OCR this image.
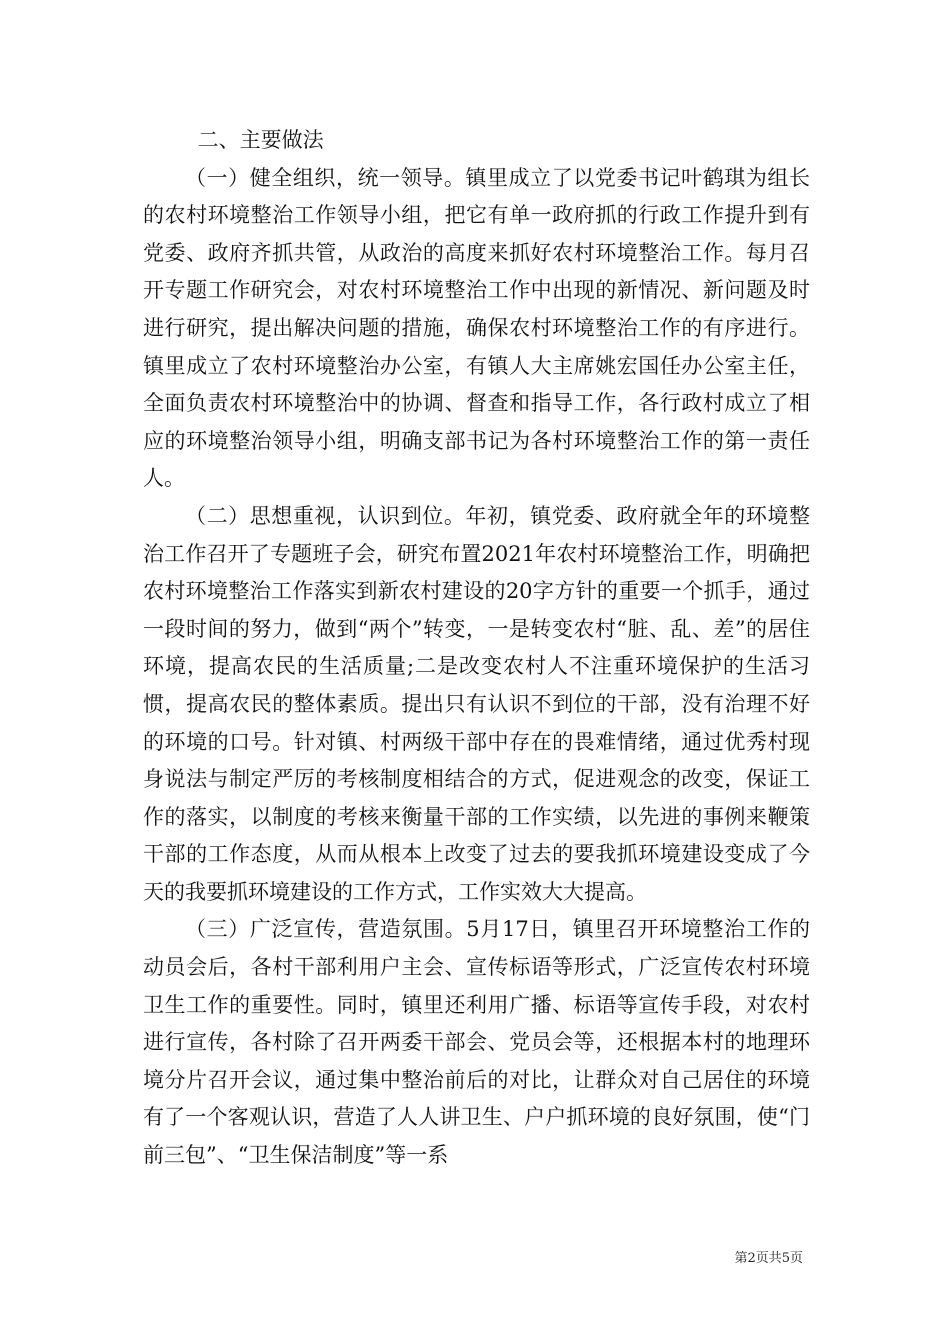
二、主要做法

（一）健全组织，统一领导。镇里成立了以党委书记叶鹤琪为组长的农村环境整治工作领导小组，把它有单一政府抓的行政工作提升到有党委、政府齐抓共管，从政治的高度来抓好农村环境整治工作。每月召开专题工作研究会，对农村环境整治工作中出现的新情况、新问题及时进行研究，提出解决问题的措施，确保农村环境整治工作的有序进行。镇里成立了农村环境整治办公室，有镇人大主席姚宏国任办公室主任，全面负责农村环境整治中的协调、督查和指导工作，各行政村成立了相应的环境整治领导小组，明确支部书记为各村环境整治工作的第一责任人。

（二）思想重视，认识到位。年初，镇党委、政府就全年的环境整治工作召开了专题班子会，研究布置2021年农村环境整治工作，明确把农村环境整治工作落实到新农村建设的20字方针的重要一个抓手，通过一段时间的努力，做到“两个”转变，一是转变农村“脏、乱、差”的居住环境，提高农民的生活质量;二是改变农村人不注重环境保护的生活习惯，提高农民的整体素质。提出只有认识不到位的干部，没有治理不好的环境的口号。针对镇、村两级干部中存在的畏难情绪，通过优秀村现身说法与制定严厉的考核制度相结合的方式，促进观念的改变，保证工作的落实，以制度的考核来衡量干部的工作实绩，以先进的事例来鞭策干部的工作态度，从而从根本上改变了过去的要我抓环境建设变成了今天的我要抓环境建设的工作方式，工作实效大大提高。

（三）广泛宣传，营造氛围。5月17日，镇里召开环境整治工作的动员会后，各村干部利用户主会、宣传标语等形式，广泛宣传农村环境卫生工作的重要性。同时，镇里还利用广播、标语等宣传手段，对农村进行宣传，各村除了召开两委干部会、党员会等，还根据本村的地理环境分片召开会议，通过集中整治前后的对比，让群众对自己居住的环境有了一个客观认识，营造了人人讲卫生、户户抓环境的良好氛围，使“门前三包”、“卫生保洁制度”等一系

第2页共5页
